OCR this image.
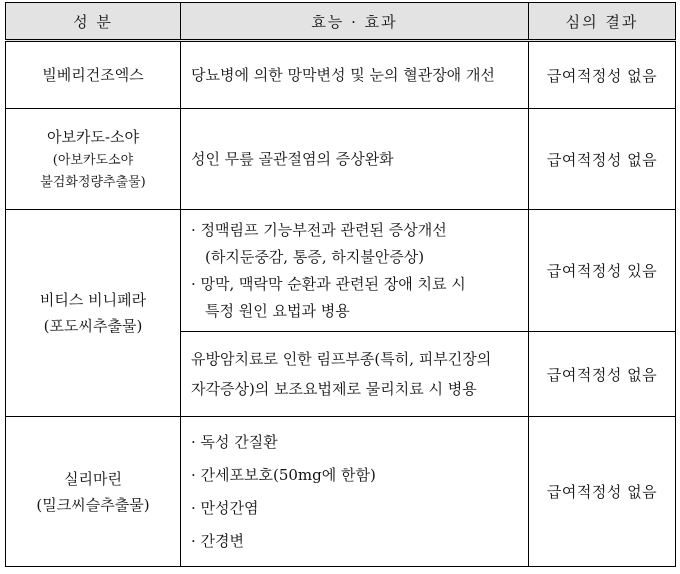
성 분	효능 · 효과	심의 결과
빌베리건조엑스	당뇨병에 의한 망막변성 및 눈의 혈관장애 개선	급여적정성 없음

아보카도-소야
(아보카도소야
불검화정량추출물)	성인 무릎 골관절염의 증상완화	급여적정성 없음

비티스 비니페라
(포도씨추출물)	· 정맥림프 기능부전과 관련된 증상개선
(하지둔중감, 통증, 하지불안증상)
· 망막, 맥락막 순환과 관련된 장애 치료 시
특정 원인 요법과 병용	급여적정성 있음

	유방암치료로 인한 림프부종(특히, 피부긴장의
자각증상)의 보조요법제로 물리치료 시 병용	급여적정성 없음

실리마린
(밀크씨슬추출물)	· 독성 간질환
· 간세포보호(50mg에 한함)
· 만성간염
· 간경변	급여적정성 없음
